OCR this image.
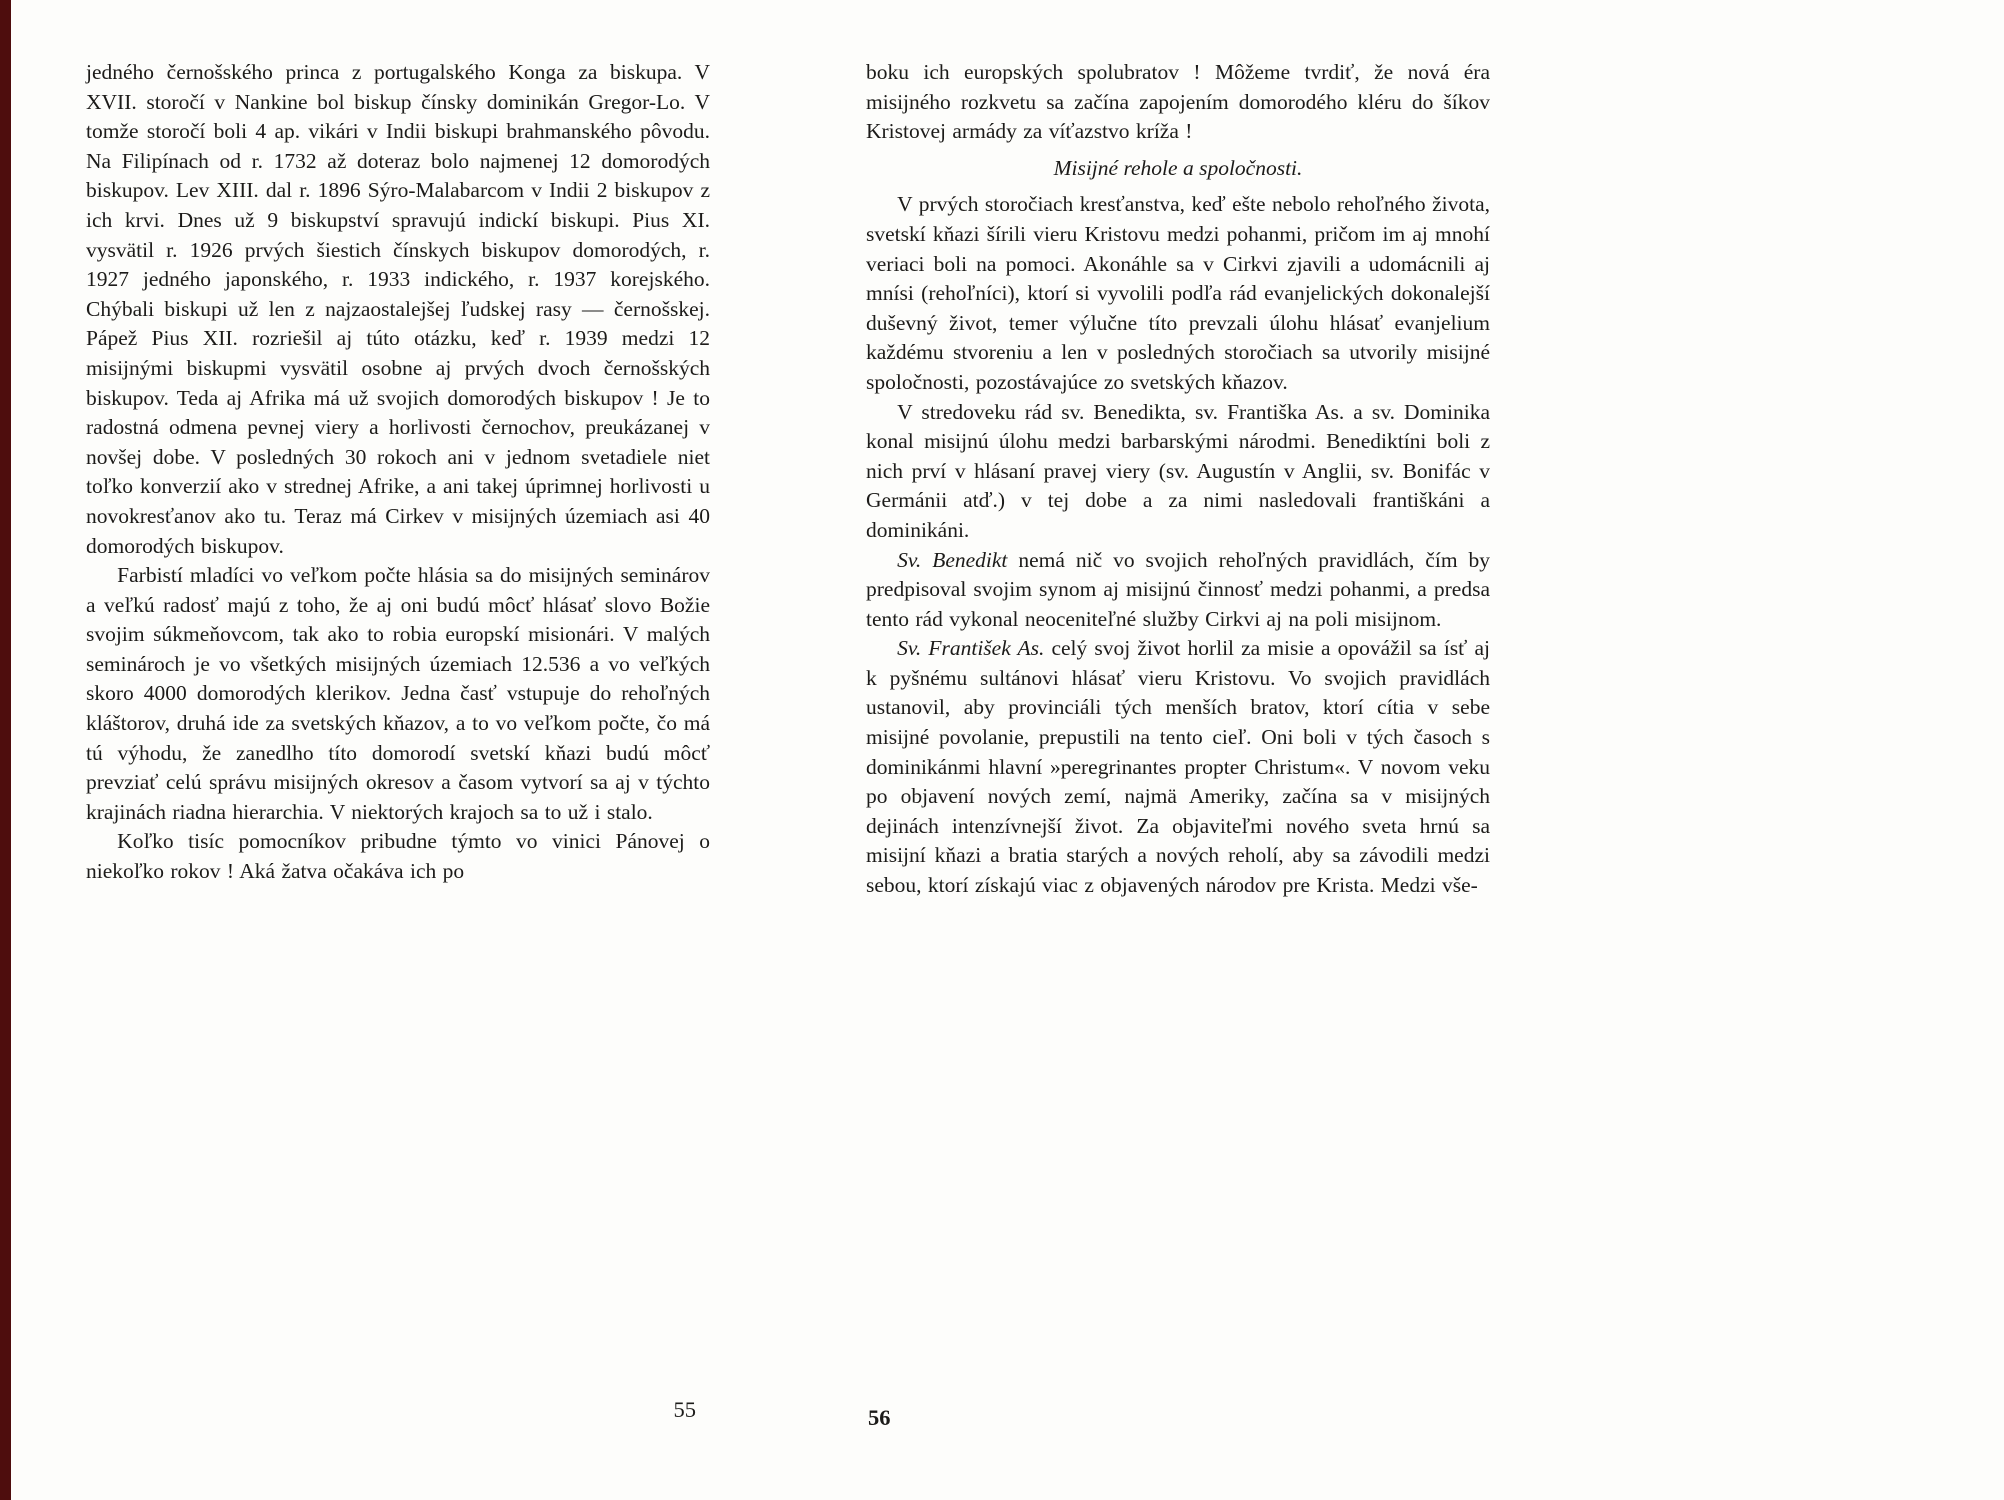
jedného černošského princa z portugalského Konga za biskupa. V XVII. storočí v Nankine bol biskup čínsky dominikán Gregor-Lo. V tomže storočí boli 4 ap. vikári v Indii biskupi brahmanského pôvodu. Na Filipínach od r. 1732 až doteraz bolo najmenej 12 domorodých biskupov. Lev XIII. dal r. 1896 Sýro-Malabarcom v Indii 2 biskupov z ich krvi. Dnes už 9 biskupství spravujú indickí biskupi. Pius XI. vysvätil r. 1926 prvých šiestich čínskych biskupov domorodých, r. 1927 jedného japonského, r. 1933 indického, r. 1937 korejského. Chýbali biskupi už len z najzaostalejšej ľudskej rasy — černošskej. Pápež Pius XII. rozriešil aj túto otázku, keď r. 1939 medzi 12 misijnými biskupmi vysvätil osobne aj prvých dvoch černošských biskupov. Teda aj Afrika má už svojich domorodých biskupov ! Je to radostná odmena pevnej viery a horlivosti černochov, preukázanej v novšej dobe. V posledných 30 rokoch ani v jednom svetadiele niet toľko konverzií ako v strednej Afrike, a ani takej úprimnej horlivosti u novokresťanov ako tu. Teraz má Cirkev v misijných územiach asi 40 domorodých biskupov.

Farbistí mladíci vo veľkom počte hlásia sa do misijných seminárov a veľkú radosť majú z toho, že aj oni budú môcť hlásať slovo Božie svojim súkmeňovcom, tak ako to robia europskí misionári. V malých seminároch je vo všetkých misijných územiach 12.536 a vo veľkých skoro 4000 domorodých klerikov. Jedna časť vstupuje do rehoľných kláštorov, druhá ide za svetských kňazov, a to vo veľkom počte, čo má tú výhodu, že zanedlho títo domorodí svetskí kňazi budú môcť prevziať celú správu misijných okresov a časom vytvorí sa aj v týchto krajinách riadna hierarchia. V niektorých krajoch sa to už i stalo.

Koľko tisíc pomocníkov pribudne týmto vo vinici Pánovej o niekoľko rokov ! Aká žatva očakáva ich po

55

boku ich europských spolubratov ! Môžeme tvrdiť, že nová éra misijného rozkvetu sa začína zapojením domorodého kléru do šíkov Kristovej armády za víťazstvo kríža !

Misijné rehole a spoločnosti.

V prvých storočiach kresťanstva, keď ešte nebolo rehoľného života, svetskí kňazi šírili vieru Kristovu medzi pohanmi, pričom im aj mnohí veriaci boli na pomoci. Akonáhle sa v Cirkvi zjavili a udomácnili aj mnísi (rehoľníci), ktorí si vyvolili podľa rád evanjelických dokonalejší duševný život, temer výlučne títo prevzali úlohu hlásať evanjelium každému stvoreniu a len v posledných storočiach sa utvorily misijné spoločnosti, pozostávajúce zo svetských kňazov.

V stredoveku rád sv. Benedikta, sv. Františka As. a sv. Dominika konal misijnú úlohu medzi barbarskými národmi. Benediktíni boli z nich prví v hlásaní pravej viery (sv. Augustín v Anglii, sv. Bonifác v Germánii atď.) v tej dobe a za nimi nasledovali františkáni a dominikáni.

Sv. Benedikt nemá nič vo svojich rehoľných pravidlách, čím by predpisoval svojim synom aj misijnú činnosť medzi pohanmi, a predsa tento rád vykonal neoceniteľné služby Cirkvi aj na poli misijnom.

Sv. František As. celý svoj život horlil za misie a opovážil sa ísť aj k pyšnému sultánovi hlásať vieru Kristovu. Vo svojich pravidlách ustanovil, aby provinciáli tých menších bratov, ktorí cítia v sebe misijné povolanie, prepustili na tento cieľ. Oni boli v tých časoch s dominikánmi hlavní »peregrinantes propter Christum«. V novom veku po objavení nových zemí, najmä Ameriky, začína sa v misijných dejinách intenzívnejší život. Za objaviteľmi nového sveta hrnú sa misijní kňazi a bratia starých a nových reholí, aby sa závodili medzi sebou, ktorí získajú viac z objavených národov pre Krista. Medzi vše-

56
